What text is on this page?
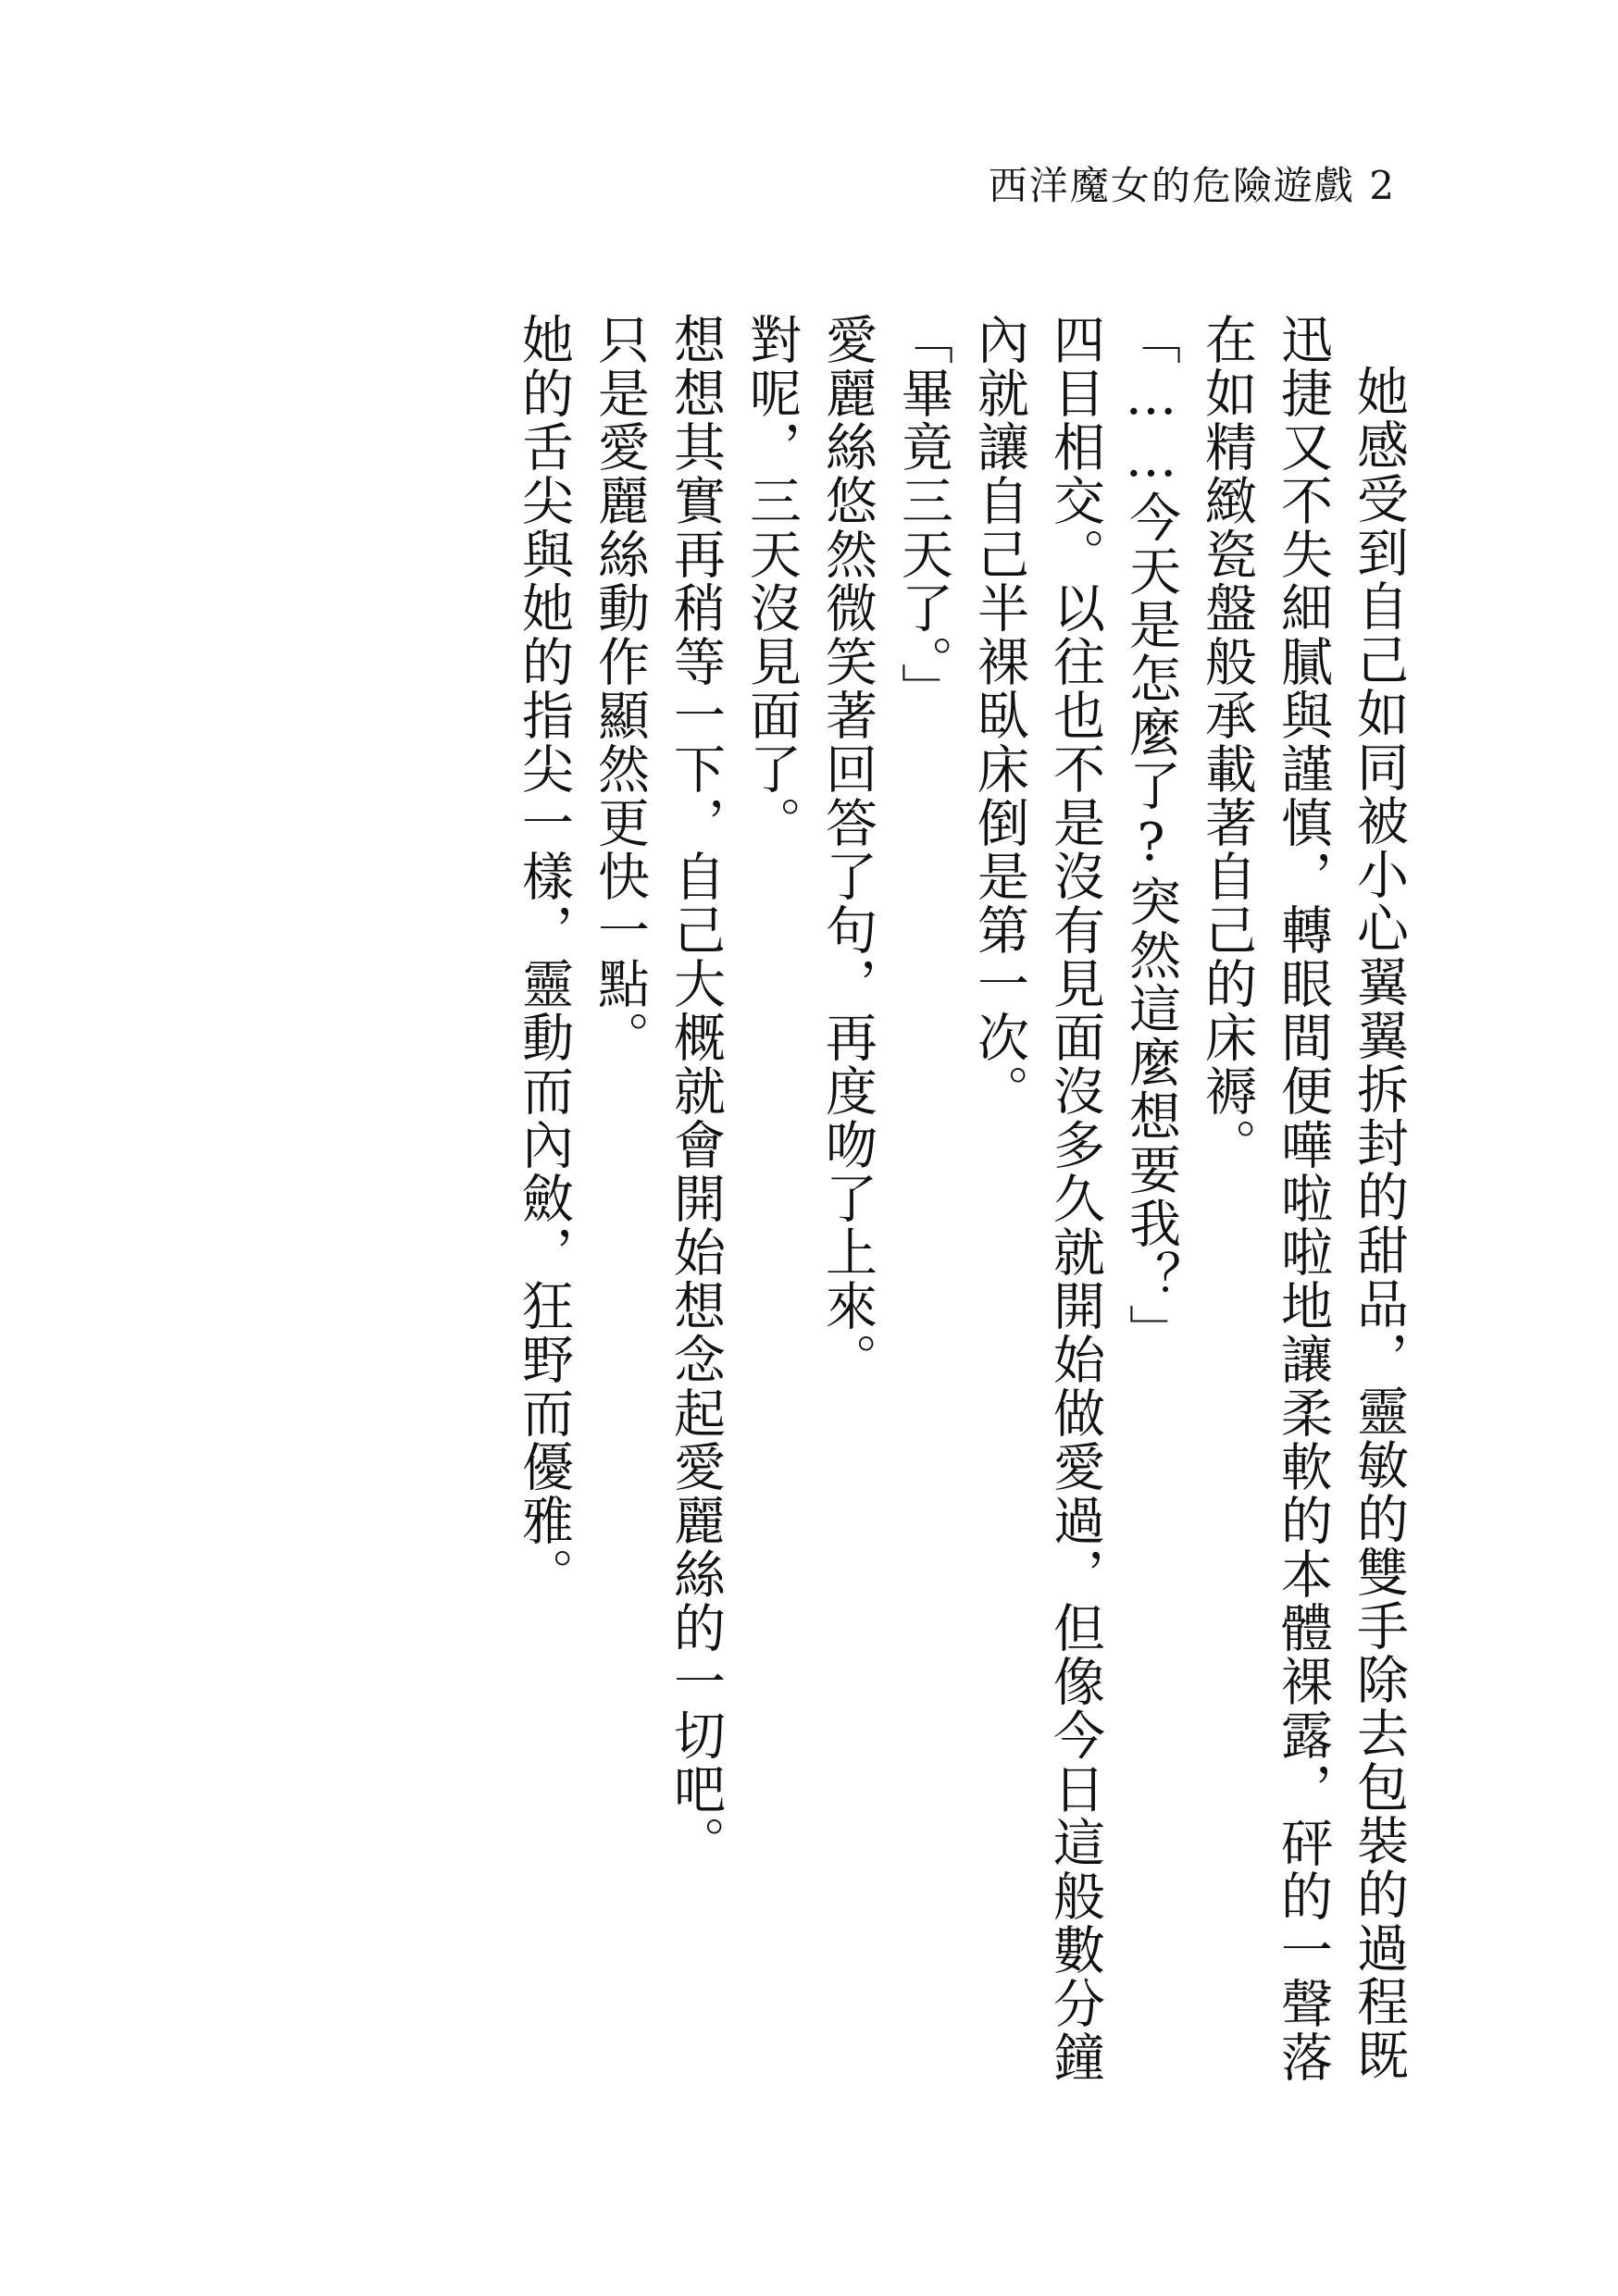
西洋魔女的危險遊戲 2

她感受到自己如同被小心翼翼拆封的甜品，靈敏的雙手除去包裝的過程既迅捷又不失細膩與謹慎，轉眼間便嘩啦啦地讓柔軟的本體裸露，砰的一聲落在如精緻瓷盤般承載著自己的床褥。

「……今天是怎麼了?突然這麼想要我？」

四目相交。以往也不是沒有見面沒多久就開始做愛過，但像今日這般數分鐘內就讓自己半裸臥床倒是第一次。

「畢竟三天了。」

愛麗絲悠然微笑著回答了句，再度吻了上來。

對呢，三天沒見面了。

想想其實再稍等一下，自己大概就會開始想念起愛麗絲的一切吧。

只是愛麗絲動作顯然更快一點。

她的舌尖與她的指尖一樣，靈動而內斂，狂野而優雅。
